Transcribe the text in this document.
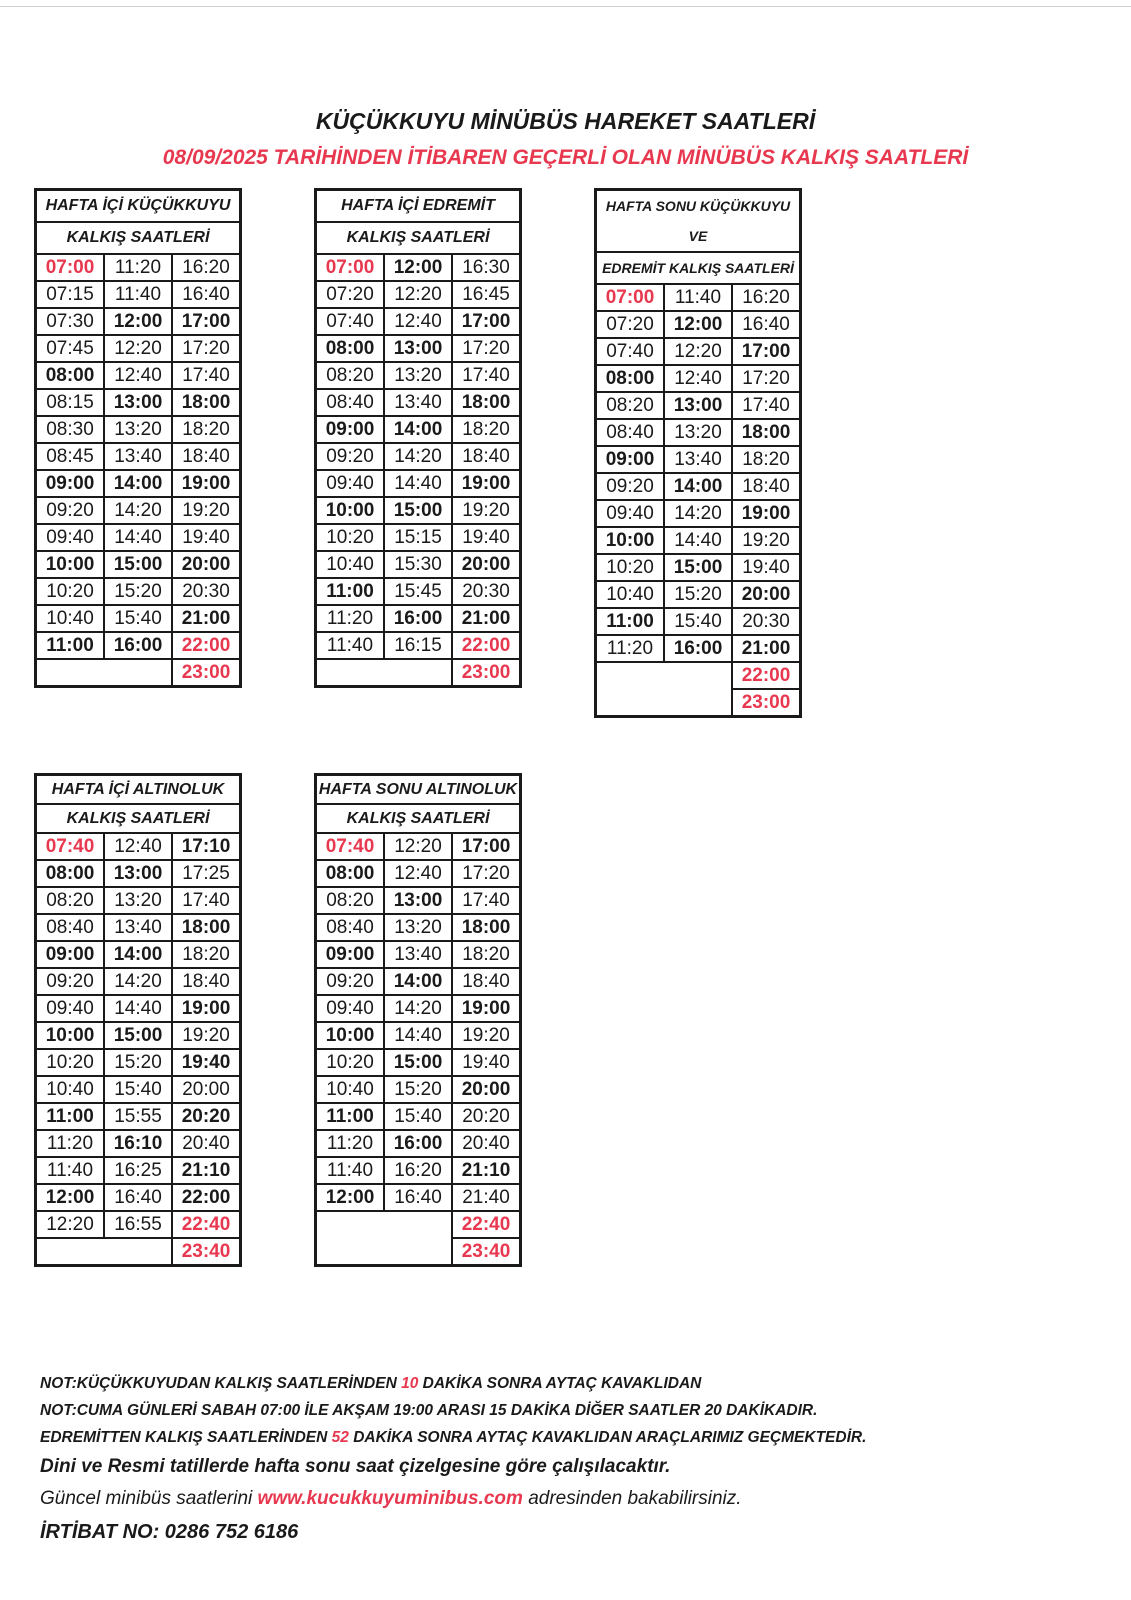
KÜÇÜKKUYU MİNÜBÜS HAREKET SAATLERİ
08/09/2025 TARİHİNDEN İTİBAREN GEÇERLİ OLAN MİNÜBÜS KALKIŞ SAATLERİ
HAFTA İÇİ KÜÇÜKKUYU		
KALKIŞ SAATLERİ		
07:00	11:20	16:20
07:15	11:40	16:40
07:30	12:00	17:00
07:45	12:20	17:20
08:00	12:40	17:40
08:15	13:00	18:00
08:30	13:20	18:20
08:45	13:40	18:40
09:00	14:00	19:00
09:20	14:20	19:20
09:40	14:40	19:40
10:00	15:00	20:00
10:20	15:20	20:30
10:40	15:40	21:00
11:00	16:00	22:00
		23:00
HAFTA İÇİ EDREMİT		
KALKIŞ SAATLERİ		
07:00	12:00	16:30
07:20	12:20	16:45
07:40	12:40	17:00
08:00	13:00	17:20
08:20	13:20	17:40
08:40	13:40	18:00
09:00	14:00	18:20
09:20	14:20	18:40
09:40	14:40	19:00
10:00	15:00	19:20
10:20	15:15	19:40
10:40	15:30	20:00
11:00	15:45	20:30
11:20	16:00	21:00
11:40	16:15	22:00
		23:00
HAFTA SONU KÜÇÜKKUYU VE		
EDREMİT KALKIŞ SAATLERİ		
07:00	11:40	16:20
07:20	12:00	16:40
07:40	12:20	17:00
08:00	12:40	17:20
08:20	13:00	17:40
08:40	13:20	18:00
09:00	13:40	18:20
09:20	14:00	18:40
09:40	14:20	19:00
10:00	14:40	19:20
10:20	15:00	19:40
10:40	15:20	20:00
11:00	15:40	20:30
11:20	16:00	21:00
		22:00
		23:00
HAFTA İÇİ ALTINOLUK		
KALKIŞ SAATLERİ		
07:40	12:40	17:10
08:00	13:00	17:25
08:20	13:20	17:40
08:40	13:40	18:00
09:00	14:00	18:20
09:20	14:20	18:40
09:40	14:40	19:00
10:00	15:00	19:20
10:20	15:20	19:40
10:40	15:40	20:00
11:00	15:55	20:20
11:20	16:10	20:40
11:40	16:25	21:10
12:00	16:40	22:00
12:20	16:55	22:40
		23:40
HAFTA SONU ALTINOLUK		
KALKIŞ SAATLERİ		
07:40	12:20	17:00
08:00	12:40	17:20
08:20	13:00	17:40
08:40	13:20	18:00
09:00	13:40	18:20
09:20	14:00	18:40
09:40	14:20	19:00
10:00	14:40	19:20
10:20	15:00	19:40
10:40	15:20	20:00
11:00	15:40	20:20
11:20	16:00	20:40
11:40	16:20	21:10
12:00	16:40	21:40
		22:40
		23:40

NOT:KÜÇÜKKUYUDAN KALKIŞ SAATLERİNDEN 10 DAKİKA SONRA AYTAÇ KAVAKLIDAN

NOT:CUMA GÜNLERİ SABAH 07:00 İLE AKŞAM 19:00 ARASI 15 DAKİKA DİĞER SAATLER 20 DAKİKADIR.

EDREMİTTEN KALKIŞ SAATLERİNDEN 52 DAKİKA SONRA AYTAÇ KAVAKLIDAN ARAÇLARIMIZ GEÇMEKTEDİR.

Dini ve Resmi tatillerde hafta sonu saat çizelgesine göre çalışılacaktır.

Güncel minibüs saatlerini www.kucukkuyuminibus.com adresinden bakabilirsiniz.

İRTİBAT NO: 0286 752 6186
